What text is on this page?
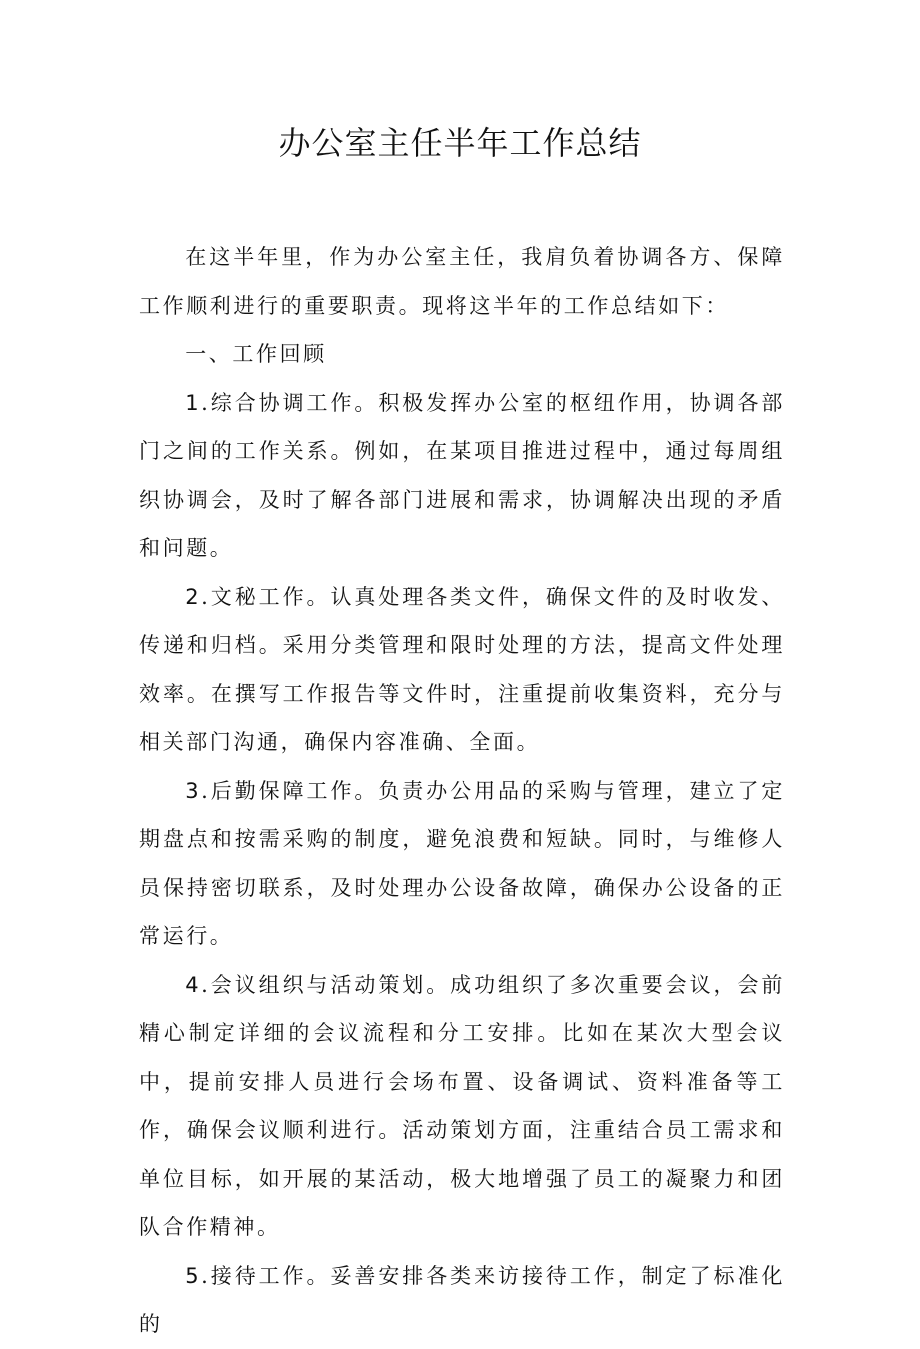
办公室主任半年工作总结

在这半年里，作为办公室主任，我肩负着协调各方、保障工作顺利进行的重要职责。现将这半年的工作总结如下：

一、工作回顾

1.综合协调工作。积极发挥办公室的枢纽作用，协调各部门之间的工作关系。例如，在某项目推进过程中，通过每周组织协调会，及时了解各部门进展和需求，协调解决出现的矛盾和问题。

2.文秘工作。认真处理各类文件，确保文件的及时收发、传递和归档。采用分类管理和限时处理的方法，提高文件处理效率。在撰写工作报告等文件时，注重提前收集资料，充分与相关部门沟通，确保内容准确、全面。

3.后勤保障工作。负责办公用品的采购与管理，建立了定期盘点和按需采购的制度，避免浪费和短缺。同时，与维修人员保持密切联系，及时处理办公设备故障，确保办公设备的正常运行。

4.会议组织与活动策划。成功组织了多次重要会议，会前精心制定详细的会议流程和分工安排。比如在某次大型会议中，提前安排人员进行会场布置、设备调试、资料准备等工作，确保会议顺利进行。活动策划方面，注重结合员工需求和单位目标，如开展的某活动，极大地增强了员工的凝聚力和团队合作精神。

5.接待工作。妥善安排各类来访接待工作，制定了标准化的
